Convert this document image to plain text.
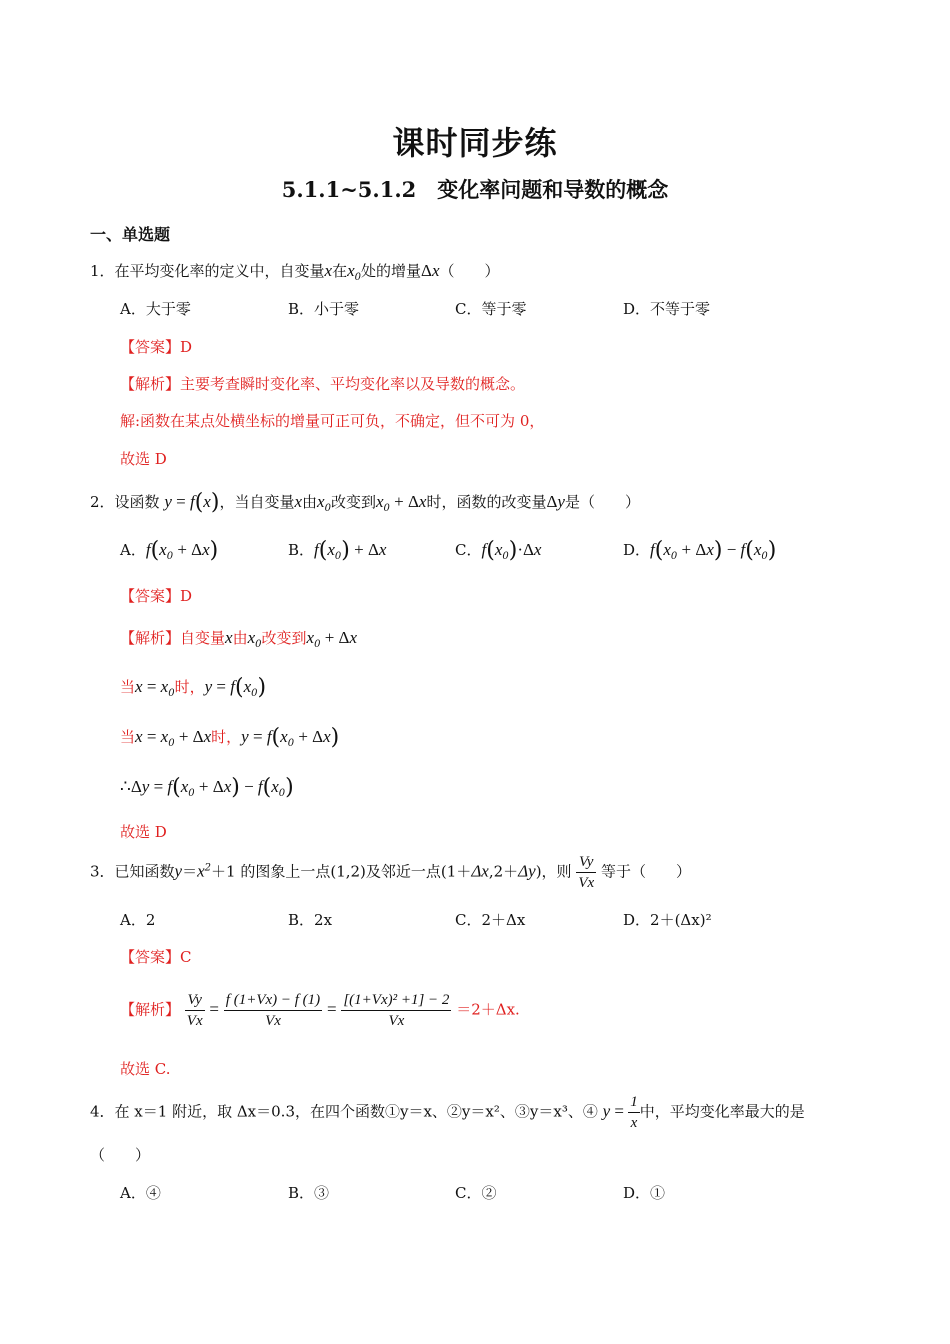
课时同步练
5.1.1~5.1.2　变化率问题和导数的概念
一、单选题
1．在平均变化率的定义中，自变量x在$x_0$处的增量Δx（　　）
A．大于零	B．小于零	C．等于零	D．不等于零
【答案】D
【解析】主要考查瞬时变化率、平均变化率以及导数的概念。
解:函数在某点处横坐标的增量可正可负，不确定，但不可为 0，
故选 D
2．设函数 y = f(x)，当自变量x由$x_0$改变到$x_0 + \Delta x$时，函数的改变量Δy是（　　）
A．$f(x_0 + \Delta x)$	B．$f(x_0) + \Delta x$	C．$f(x_0)\cdot\Delta x$	D．$f(x_0 + \Delta x) - f(x_0)$
【答案】D
【解析】自变量x由$x_0$改变到$x_0 + \Delta x$
当$x = x_0$时，$y = f(x_0)$
当$x = x_0 + \Delta x$时，$y = f(x_0 + \Delta x)$
∴Δy = $f(x_0 + \Delta x) - f(x_0)$
故选 D
3．已知函数$y=x^2+1$ 的图象上一点(1,2)及邻近一点(1＋Δx,2＋Δy)，则 $\frac{Vy}{Vx}$ 等于（　　）
A．2	B．2x	C．2＋Δx	D．2＋(Δx)²
【答案】C
【解析】 $\frac{Vy}{Vx} = \frac{f (1+Vx) - f (1)}{Vx} = \frac{\text{[(1+Vx)² +1] − 2}}{Vx} =2+\Delta x$.
故选 C.
4．在 x＝1 附近，取 Δx＝0.3，在四个函数①y＝x、②y＝x²、③y＝x³、④ $y = \frac{1}{x}$ 中，平均变化率最大的是
（　　）
A．④	B．③	C．②	D．①
